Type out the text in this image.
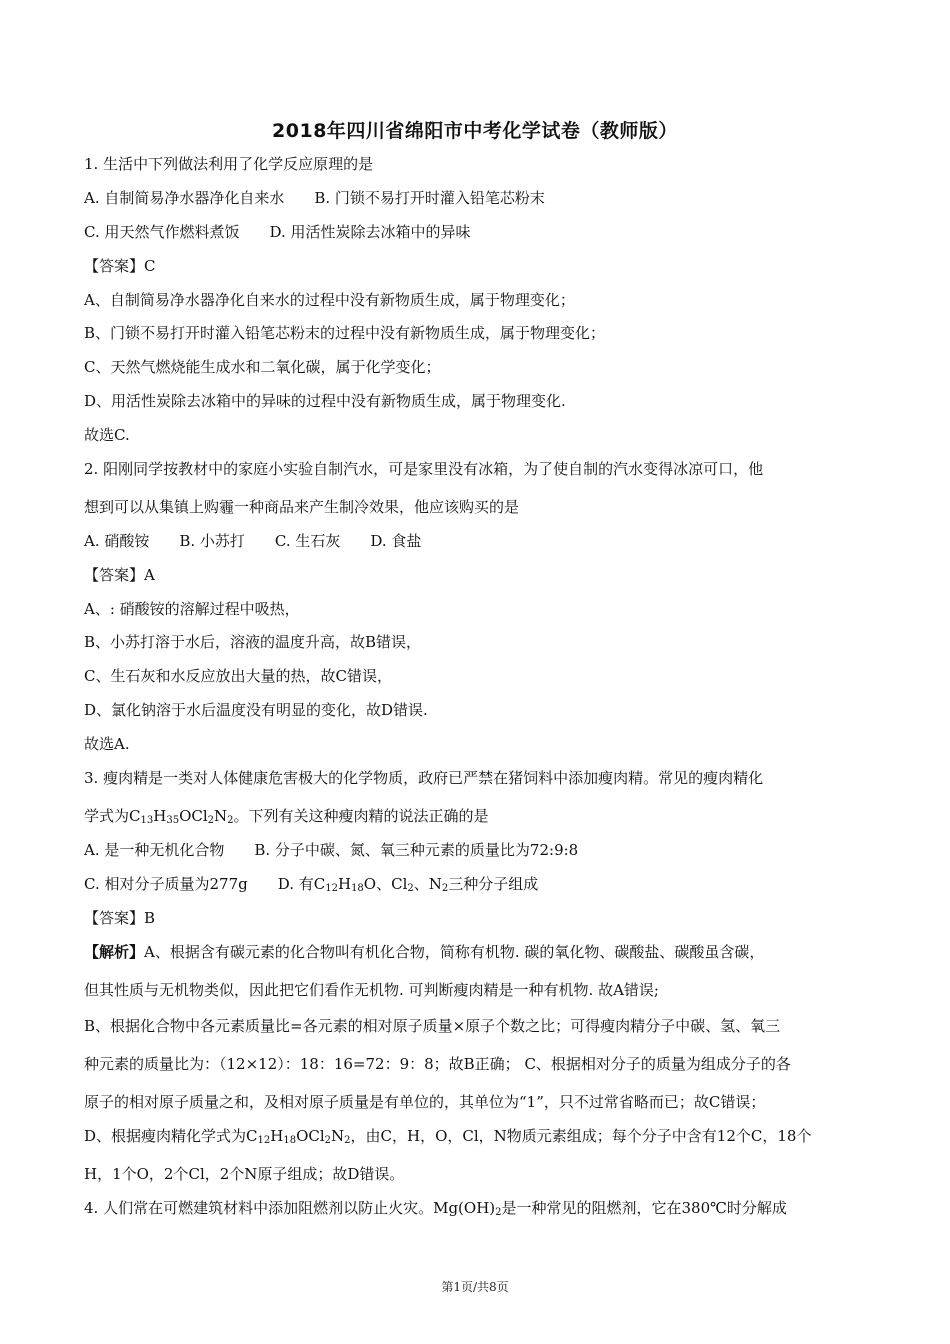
2018年四川省绵阳市中考化学试卷（教师版）
1. 生活中下列做法利用了化学反应原理的是
A. 自制简易净水器净化自来水　　B. 门锁不易打开时灌入铅笔芯粉末
C. 用天然气作燃料煮饭　　D. 用活性炭除去冰箱中的异味
【答案】C
A、自制简易净水器净化自来水的过程中没有新物质生成，属于物理变化；
B、门锁不易打开时灌入铅笔芯粉末的过程中没有新物质生成，属于物理变化；
C、天然气燃烧能生成水和二氧化碳，属于化学变化；
D、用活性炭除去冰箱中的异味的过程中没有新物质生成，属于物理变化.
故选C.
2. 阳刚同学按教材中的家庭小实验自制汽水，可是家里没有冰箱，为了使自制的汽水变得冰凉可口，他
想到可以从集镇上购霾一种商品来产生制冷效果，他应该购买的是
A. 硝酸铵　　B. 小苏打　　C. 生石灰　　D. 食盐
【答案】A
A、: 硝酸铵的溶解过程中吸热，
B、小苏打溶于水后，溶液的温度升高，故B错误，
C、生石灰和水反应放出大量的热，故C错误，
D、氯化钠溶于水后温度没有明显的变化，故D错误.
故选A.
3. 瘦肉精是一类对人体健康危害极大的化学物质，政府已严禁在猪饲料中添加瘦肉精。常见的瘦肉精化
学式为$C_{13}H_{35}OCl_2N_2$。下列有关这种瘦肉精的说法正确的是
A. 是一种无机化合物　　B. 分子中碳、氮、氧三种元素的质量比为72:9:8
C. 相对分子质量为277g　　D. 有$C_{12}H_{18}O$、$Cl_2$、$N_2$三种分子组成
【答案】B
【解析】A、根据含有碳元素的化合物叫有机化合物，简称有机物. 碳的氧化物、碳酸盐、碳酸虽含碳，
但其性质与无机物类似，因此把它们看作无机物. 可判断瘦肉精是一种有机物. 故A错误;
B、根据化合物中各元素质量比=各元素的相对原子质量×原子个数之比；可得瘦肉精分子中碳、氢、氧三
种元素的质量比为：（12×12）：18：16=72：9：8；故B正确； C、根据相对分子的质量为组成分子的各
原子的相对原子质量之和，及相对原子质量是有单位的，其单位为“1”，只不过常省略而已；故C错误；
D、根据瘦肉精化学式为$C_{12}H_{18}OCl_2N_2$，由C，H，O，Cl，N物质元素组成；每个分子中含有12个C，18个
H，1个O，2个Cl，2个N原子组成；故D错误。
4. 人们常在可燃建筑材料中添加阻燃剂以防止火灾。$Mg(OH)_2$是一种常见的阻燃剂，它在380℃时分解成
第1页/共8页
